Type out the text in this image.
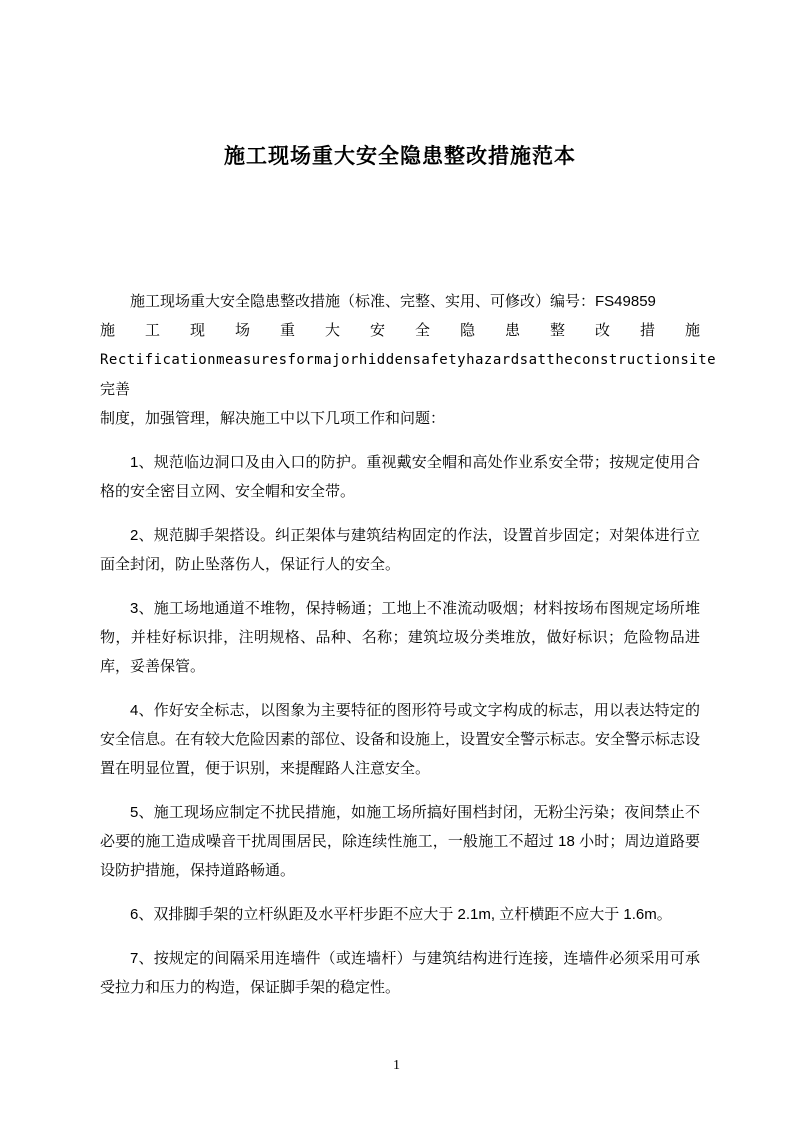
施工现场重大安全隐患整改措施范本
施工现场重大安全隐患整改措施（标准、完整、实用、可修改）编号：FS49859
施 工 现 场 重 大 安 全 隐 患 整 改 措 施
Rectificationmeasuresformajorhiddensafetyhazardsattheconstructionsite 完善
制度，加强管理，解决施工中以下几项工作和问题：
1、规范临边洞口及由入口的防护。重视戴安全帽和高处作业系安全带；按规定使用合格的安全密目立网、安全帽和安全带。
2、规范脚手架搭设。纠正架体与建筑结构固定的作法，设置首步固定；对架体进行立面全封闭，防止坠落伤人，保证行人的安全。
3、施工场地通道不堆物，保持畅通；工地上不准流动吸烟；材料按场布图规定场所堆物，并桂好标识排，注明规格、品种、名称；建筑垃圾分类堆放，做好标识；危险物品进库，妥善保管。
4、作好安全标志，以图象为主要特征的图形符号或文字构成的标志，用以表达特定的安全信息。在有较大危险因素的部位、设备和设施上，设置安全警示标志。安全警示标志设置在明显位置，便于识别，来提醒路人注意安全。
5、施工现场应制定不扰民措施，如施工场所搞好围档封闭，无粉尘污染；夜间禁止不必要的施工造成噪音干扰周围居民，除连续性施工，一般施工不超过 18 小时；周边道路要设防护措施，保持道路畅通。
6、双排脚手架的立杆纵距及水平杆步距不应大于 2.1m, 立杆横距不应大于 1.6m。
7、按规定的间隔采用连墙件（或连墙杆）与建筑结构进行连接，连墙件必须采用可承受拉力和压力的构造，保证脚手架的稳定性。
1
